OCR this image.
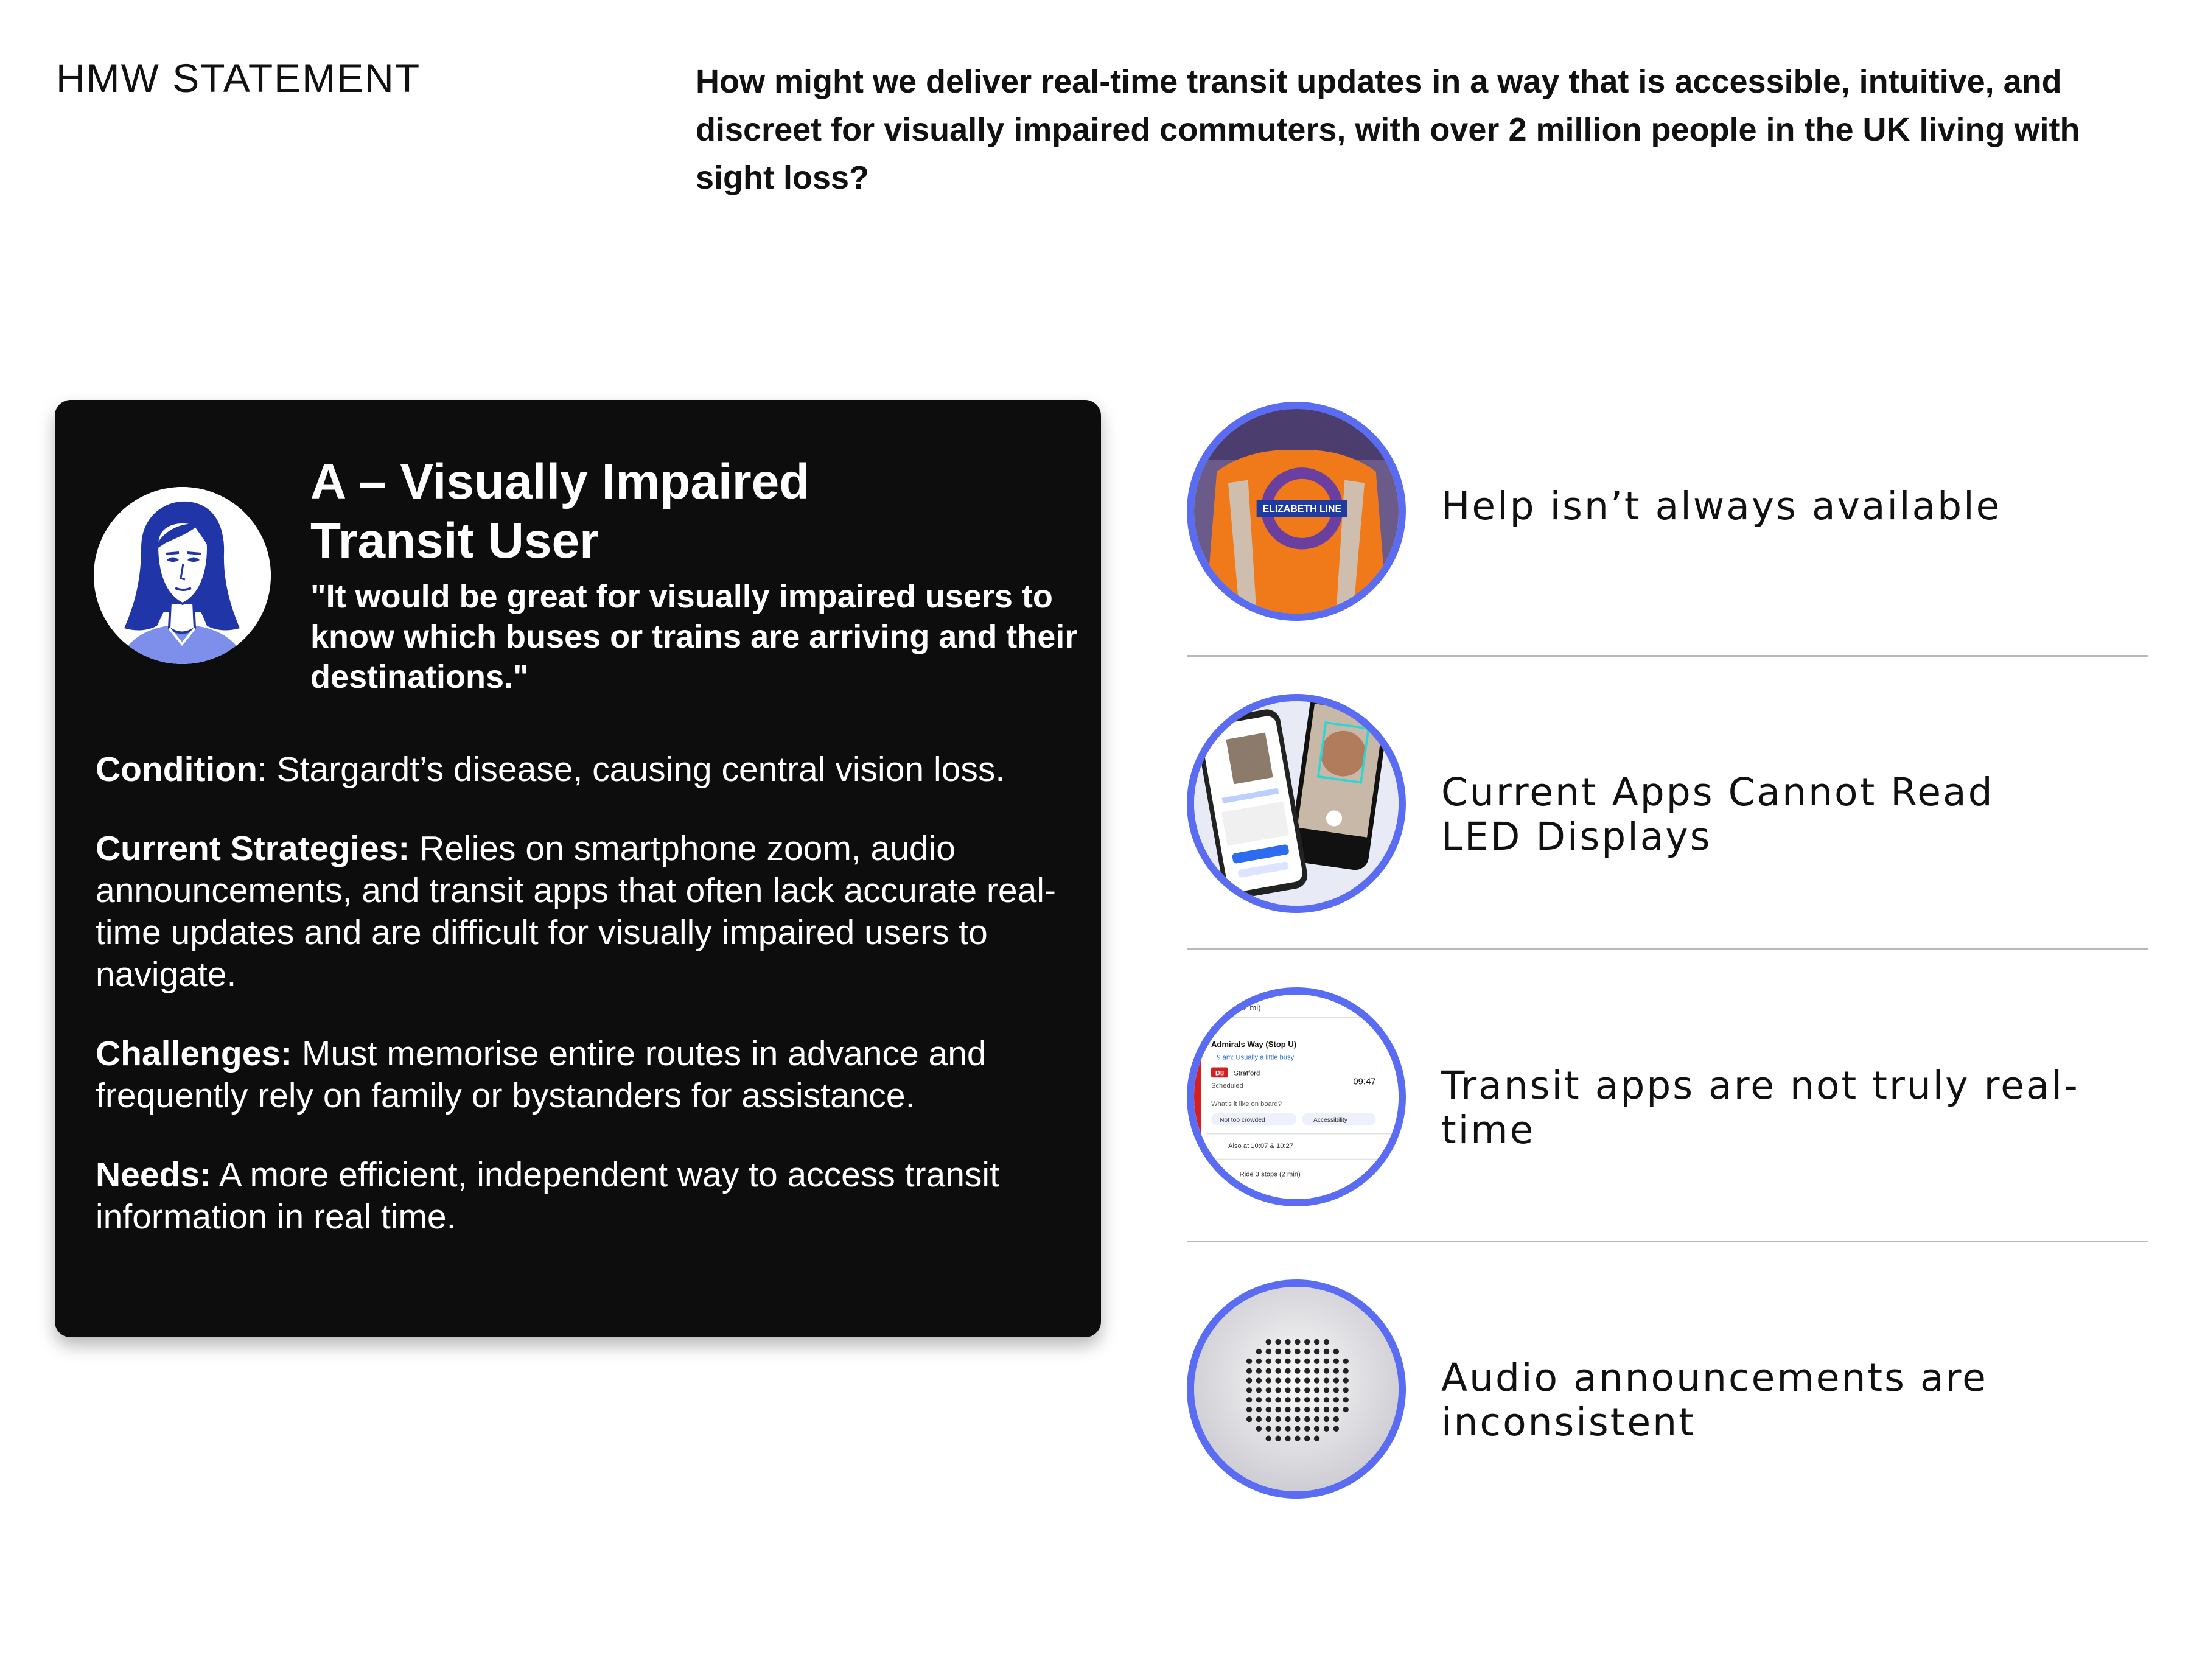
HMW STATEMENT	How might we deliver real-time transit updates in a way that is accessible, intuitive, and discreet for visually impaired commuters, with over 2 million people in the UK living with sight loss?
A – Visually Impaired
Transit User
"It would be great for visually impaired users to know which buses or trains are arriving and their destinations."
Condition: Stargardt’s disease, causing central vision loss.
Current Strategies: Relies on smartphone zoom, audio announcements, and transit apps that often lack accurate real-time updates and are difficult for visually impaired users to navigate.
Challenges: Must memorise entire routes in advance and frequently rely on family or bystanders for assistance.
Needs: A more efficient, independent way to access transit information in real time.
ELIZABETH LINE	Help isn’t always available
Current Apps Cannot Read LED Displays
(0.2 mi)
Admirals Way (Stop U)
9 am: Usually a little busy
D8 Stratford
09:47
Scheduled
What's it like on board?
Not too crowded	Accessibility
Also at 10:07 & 10:27
Ride 3 stops (2 min)
Transit apps are not truly real-time
Audio announcements are inconsistent
